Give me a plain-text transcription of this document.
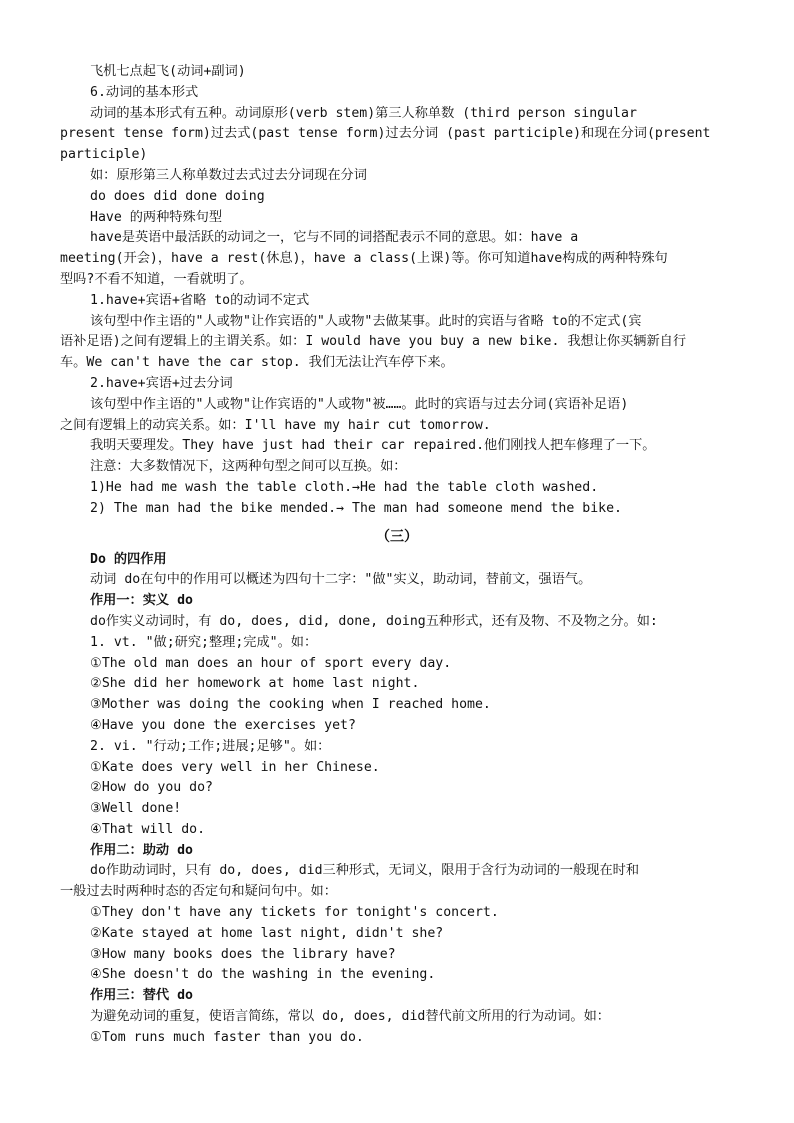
飞机七点起飞(动词+副词)
6.动词的基本形式
动词的基本形式有五种。动词原形(verb stem)第三人称单数 (third person singular
present tense form)过去式(past tense form)过去分词 (past participle)和现在分词(present
participle)
如：原形第三人称单数过去式过去分词现在分词
do does did done doing
Have 的两种特殊句型
have是英语中最活跃的动词之一，它与不同的词搭配表示不同的意思。如：have a
meeting(开会)，have a rest(休息)，have a class(上课)等。你可知道have构成的两种特殊句
型吗?不看不知道，一看就明了。
1.have+宾语+省略 to的动词不定式
该句型中作主语的"人或物"让作宾语的"人或物"去做某事。此时的宾语与省略 to的不定式(宾
语补足语)之间有逻辑上的主谓关系。如：I would have you buy a new bike. 我想让你买辆新自行
车。We can't have the car stop. 我们无法让汽车停下来。
2.have+宾语+过去分词
该句型中作主语的"人或物"让作宾语的"人或物"被……。此时的宾语与过去分词(宾语补足语)
之间有逻辑上的动宾关系。如：I'll have my hair cut tomorrow.
我明天要理发。They have just had their car repaired.他们刚找人把车修理了一下。
注意：大多数情况下，这两种句型之间可以互换。如：
1)He had me wash the table cloth.→He had the table cloth washed.
2) The man had the bike mended.→ The man had someone mend the bike.
（三）
Do 的四作用
动词 do在句中的作用可以概述为四句十二字："做"实义，助动词，替前文，强语气。
作用一：实义 do
do作实义动词时，有 do, does, did, done, doing五种形式，还有及物、不及物之分。如:
1. vt. "做;研究;整理;完成"。如：
①The old man does an hour of sport every day.
②She did her homework at home last night.
③Mother was doing the cooking when I reached home.
④Have you done the exercises yet?
2. vi. "行动;工作;进展;足够"。如：
①Kate does very well in her Chinese.
②How do you do?
③Well done!
④That will do.
作用二：助动 do
do作助动词时，只有 do, does, did三种形式，无词义，限用于含行为动词的一般现在时和
一般过去时两种时态的否定句和疑问句中。如：
①They don't have any tickets for tonight's concert.
②Kate stayed at home last night, didn't she?
③How many books does the library have?
④She doesn't do the washing in the evening.
作用三：替代 do
为避免动词的重复，使语言简练，常以 do, does, did替代前文所用的行为动词。如：
①Tom runs much faster than you do.
